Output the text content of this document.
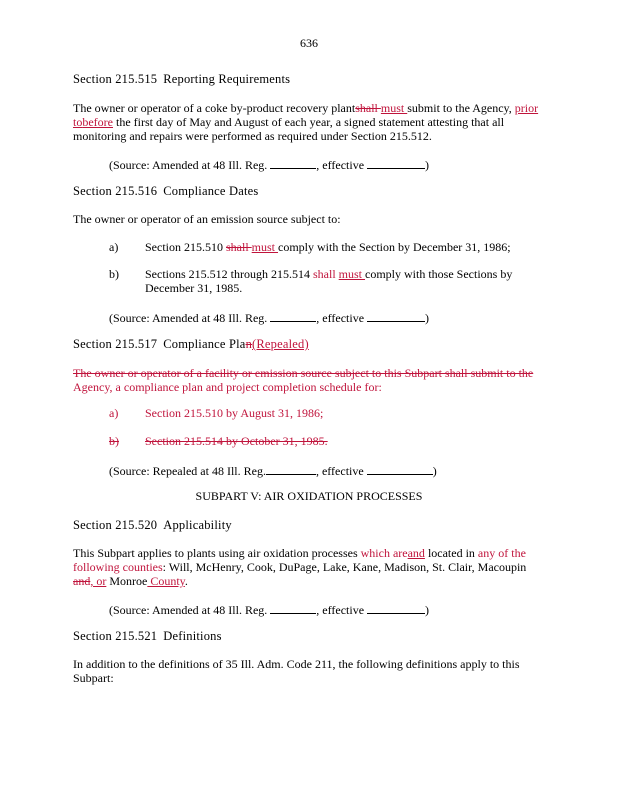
636
Section 215.515 Reporting Requirements
The owner or operator of a coke by-product recovery plantshall must submit to the Agency, prior tobefore the first day of May and August of each year, a signed statement attesting that all monitoring and repairs were performed as required under Section 215.512.
(Source: Amended at 48 Ill. Reg.	, effective	)
Section 215.516 Compliance Dates
The owner or operator of an emission source subject to:
a) Section 215.510 shall must comply with the Section by December 31, 1986;
b) Sections 215.512 through 215.514 shall must comply with those Sections by December 31, 1985.
(Source: Amended at 48 Ill. Reg.	, effective	)
Section 215.517 Compliance Plan(Repealed)
The owner or operator of a facility or emission source subject to this Subpart shall submit to the Agency, a compliance plan and project completion schedule for:
a) Section 215.510 by August 31, 1986;
b) Section 215.514 by October 31, 1985.
(Source: Repealed at 48 Ill. Reg.	, effective	)
SUBPART V: AIR OXIDATION PROCESSES
Section 215.520 Applicability
This Subpart applies to plants using air oxidation processes which areand located in any of the following counties: Will, McHenry, Cook, DuPage, Lake, Kane, Madison, St. Clair, Macoupin and, or Monroe County.
(Source: Amended at 48 Ill. Reg.	, effective	)
Section 215.521 Definitions
In addition to the definitions of 35 Ill. Adm. Code 211, the following definitions apply to this Subpart:
